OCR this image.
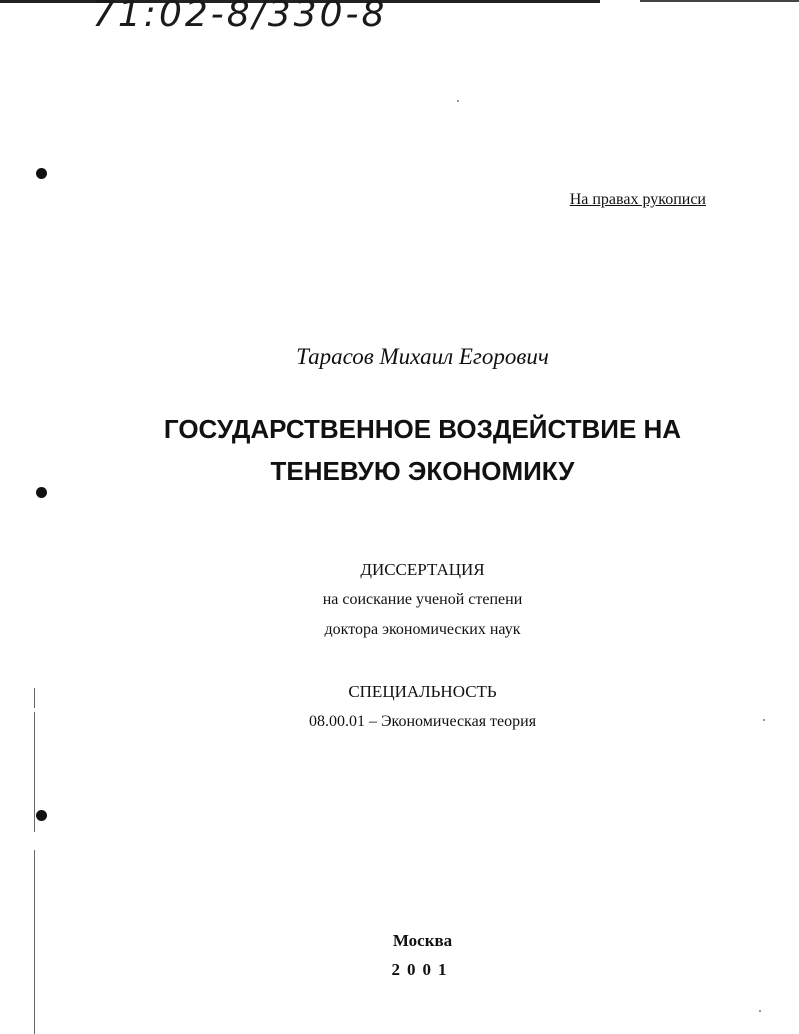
71:02-8/330-8
На правах рукописи
Тарасов Михаил Егорович
ГОСУДАРСТВЕННОЕ ВОЗДЕЙСТВИЕ НА
ТЕНЕВУЮ ЭКОНОМИКУ
ДИССЕРТАЦИЯ
на соискание ученой степени
доктора экономических наук
СПЕЦИАЛЬНОСТЬ
08.00.01 – Экономическая теория
Москва
2001
